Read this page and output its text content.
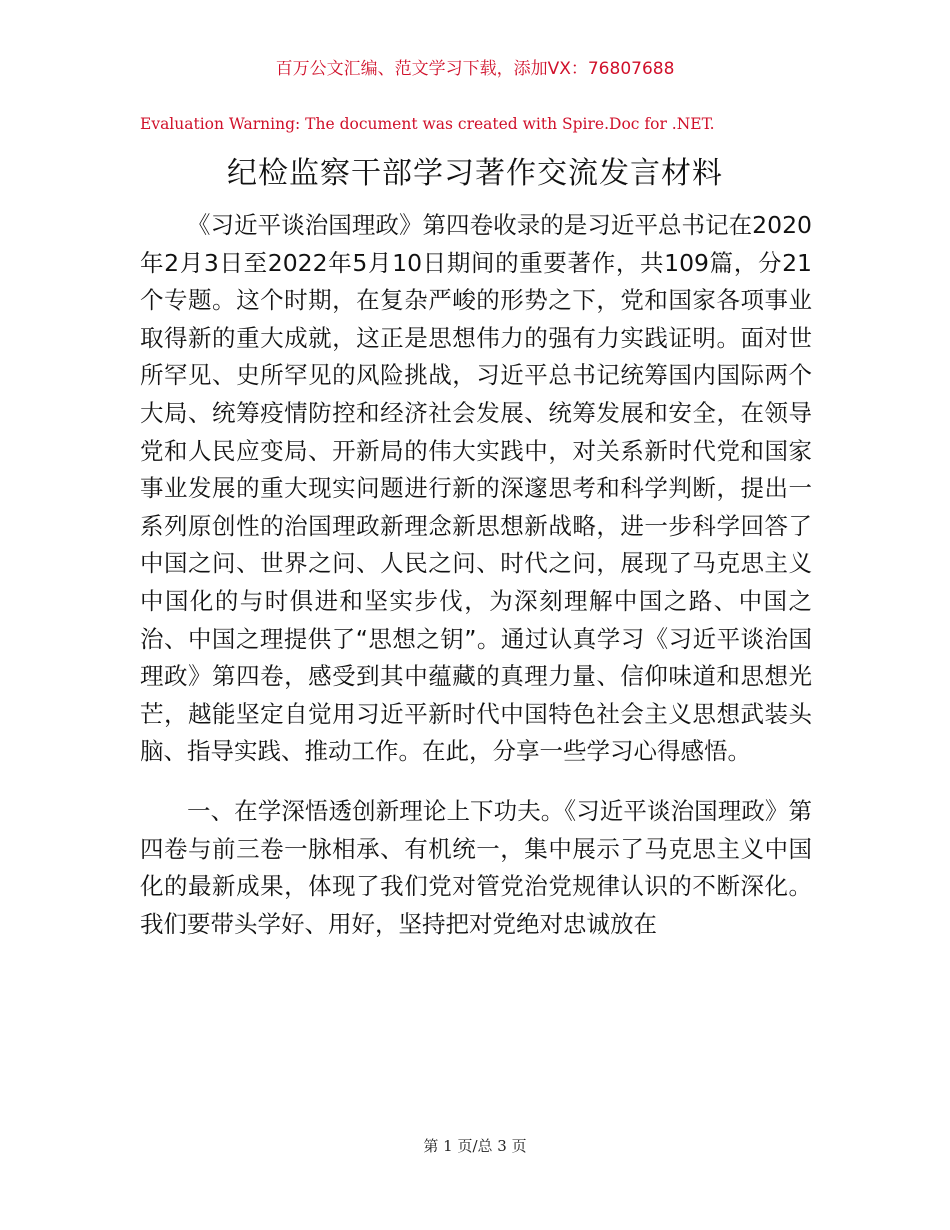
百万公文汇编、范文学习下载，添加VX：76807688
Evaluation Warning: The document was created with Spire.Doc for .NET.
纪检监察干部学习著作交流发言材料

《习近平谈治国理政》第四卷收录的是习近平总书记在2020年2月3日至2022年5月10日期间的重要著作，共109篇，分21个专题。这个时期，在复杂严峻的形势之下，党和国家各项事业取得新的重大成就，这正是思想伟力的强有力实践证明。面对世所罕见、史所罕见的风险挑战，习近平总书记统筹国内国际两个大局、统筹疫情防控和经济社会发展、统筹发展和安全，在领导党和人民应变局、开新局的伟大实践中，对关系新时代党和国家事业发展的重大现实问题进行新的深邃思考和科学判断，提出一系列原创性的治国理政新理念新思想新战略，进一步科学回答了中国之问、世界之问、人民之问、时代之问，展现了马克思主义中国化的与时俱进和坚实步伐，为深刻理解中国之路、中国之治、中国之理提供了“思想之钥”。通过认真学习《习近平谈治国理政》第四卷，感受到其中蕴藏的真理力量、信仰味道和思想光芒，越能坚定自觉用习近平新时代中国特色社会主义思想武装头脑、指导实践、推动工作。在此，分享一些学习心得感悟。

一、在学深悟透创新理论上下功夫。《习近平谈治国理政》第四卷与前三卷一脉相承、有机统一，集中展示了马克思主义中国化的最新成果，体现了我们党对管党治党规律认识的不断深化。我们要带头学好、用好，坚持把对党绝对忠诚放在

第 1 页/总 3 页
